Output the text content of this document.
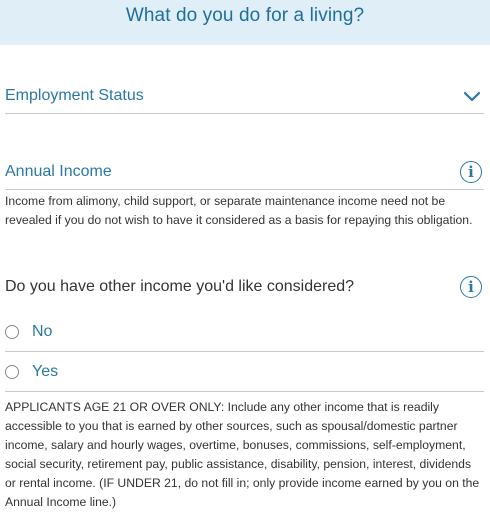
What do you do for a living?
Employment Status
Annual Income	i
Income from alimony, child support, or separate maintenance income need not be revealed if you do not wish to have it considered as a basis for repaying this obligation.
Do you have other income you'd like considered?	i
No
Yes
APPLICANTS AGE 21 OR OVER ONLY: Include any other income that is readily accessible to you that is earned by other sources, such as spousal/domestic partner income, salary and hourly wages, overtime, bonuses, commissions, self-employment, social security, retirement pay, public assistance, disability, pension, interest, dividends or rental income. (IF UNDER 21, do not fill in; only provide income earned by you on the Annual Income line.)
